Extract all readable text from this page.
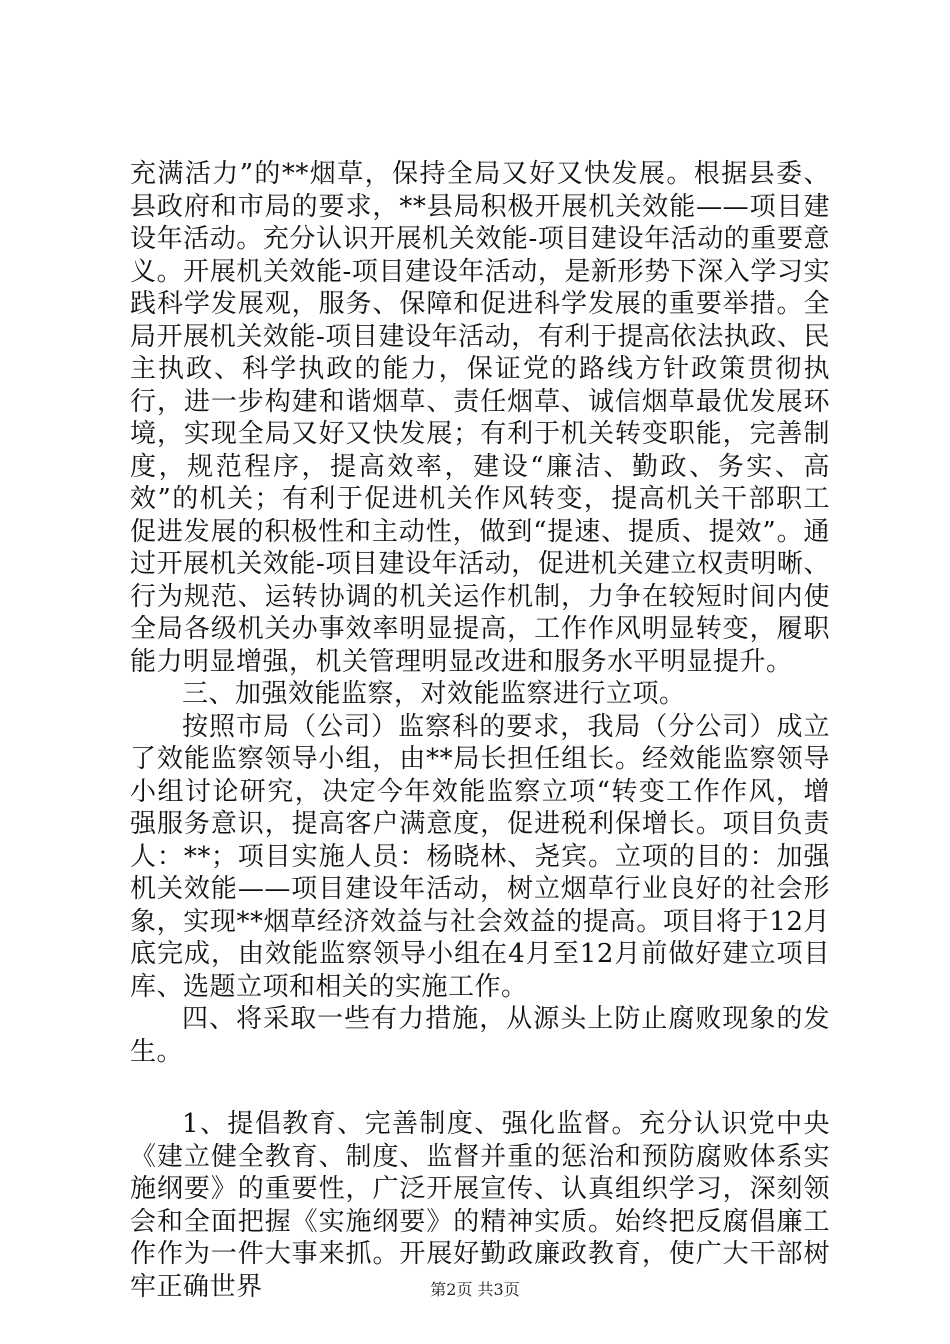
充满活力”的**烟草，保持全局又好又快发展。根据县委、县政府和市局的要求，**县局积极开展机关效能——项目建设年活动。充分认识开展机关效能-项目建设年活动的重要意义。开展机关效能-项目建设年活动，是新形势下深入学习实践科学发展观，服务、保障和促进科学发展的重要举措。全局开展机关效能-项目建设年活动，有利于提高依法执政、民主执政、科学执政的能力，保证党的路线方针政策贯彻执行，进一步构建和谐烟草、责任烟草、诚信烟草最优发展环境，实现全局又好又快发展；有利于机关转变职能，完善制度，规范程序，提高效率，建设“廉洁、勤政、务实、高效”的机关；有利于促进机关作风转变，提高机关干部职工促进发展的积极性和主动性，做到“提速、提质、提效”。通过开展机关效能-项目建设年活动，促进机关建立权责明晰、行为规范、运转协调的机关运作机制，力争在较短时间内使全局各级机关办事效率明显提高，工作作风明显转变，履职能力明显增强，机关管理明显改进和服务水平明显提升。

三、加强效能监察，对效能监察进行立项。

按照市局（公司）监察科的要求，我局（分公司）成立了效能监察领导小组，由**局长担任组长。经效能监察领导小组讨论研究，决定今年效能监察立项“转变工作作风，增强服务意识，提高客户满意度，促进税利保增长。项目负责人：**；项目实施人员：杨晓林、尧宾。立项的目的：加强机关效能——项目建设年活动，树立烟草行业良好的社会形象，实现**烟草经济效益与社会效益的提高。项目将于12月底完成，由效能监察领导小组在4月至12月前做好建立项目库、选题立项和相关的实施工作。

四、将采取一些有力措施，从源头上防止腐败现象的发生。

1、提倡教育、完善制度、强化监督。充分认识党中央《建立健全教育、制度、监督并重的惩治和预防腐败体系实施纲要》的重要性，广泛开展宣传、认真组织学习，深刻领会和全面把握《实施纲要》的精神实质。始终把反腐倡廉工作作为一件大事来抓。开展好勤政廉政教育，使广大干部树牢正确世界	第2页 共3页
